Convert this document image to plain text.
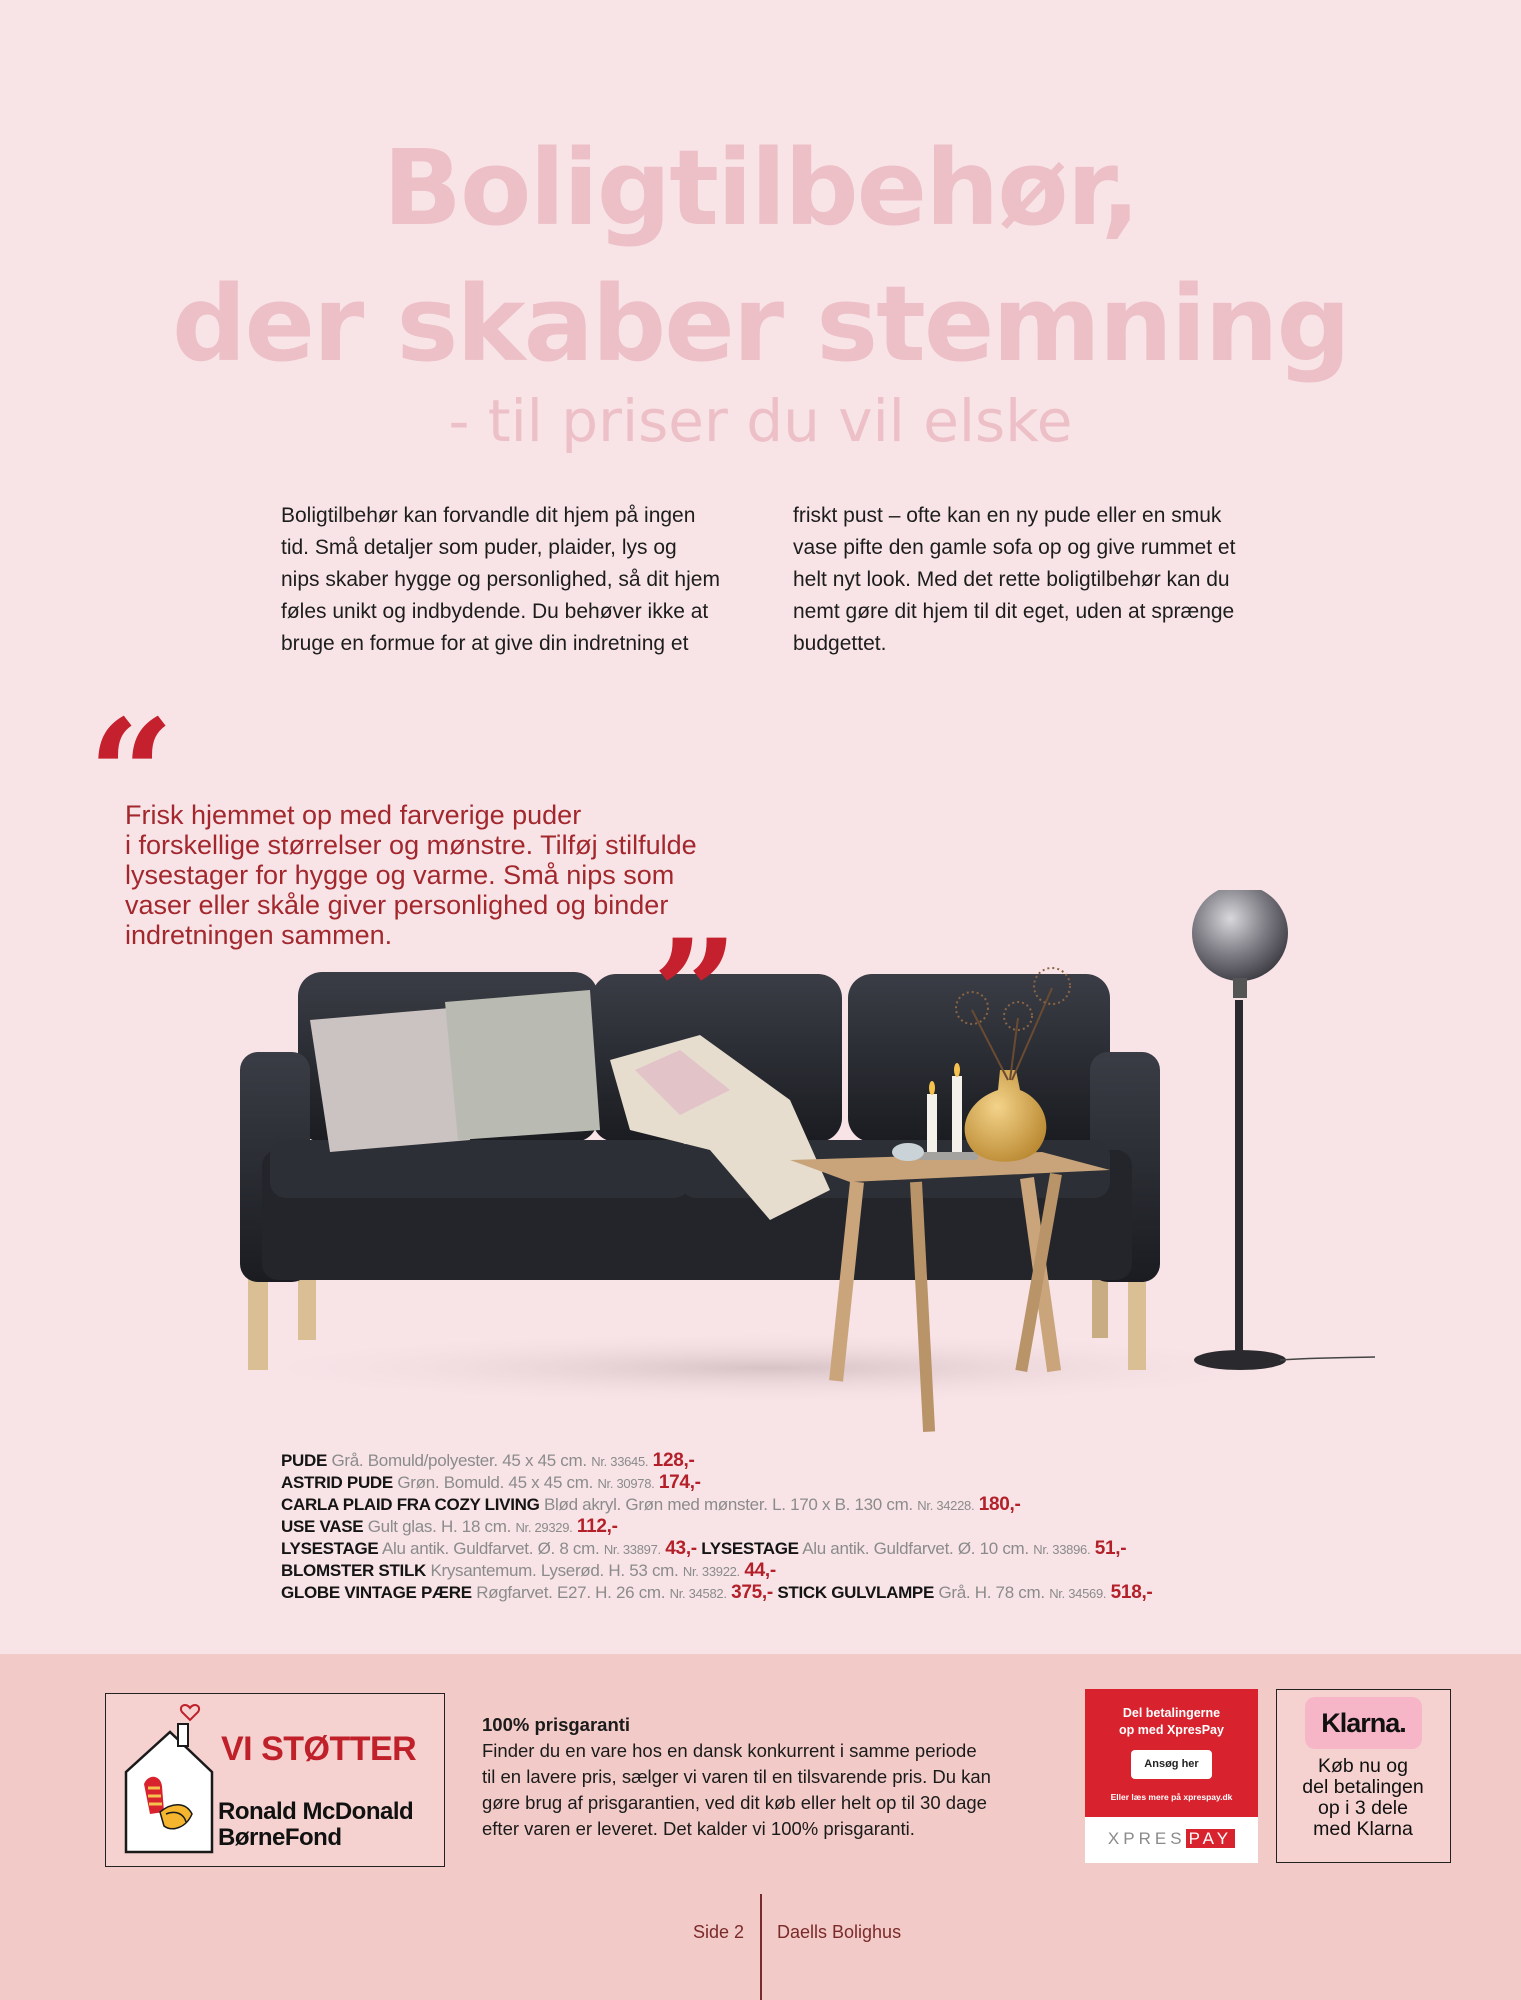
Boligtilbehør,
der skaber stemning
- til priser du vil elske
Boligtilbehør kan forvandle dit hjem på ingen
tid. Små detaljer som puder, plaider, lys og
nips skaber hygge og personlighed, så dit hjem
føles unikt og indbydende. Du behøver ikke at
bruge en formue for at give din indretning et
friskt pust – ofte kan en ny pude eller en smuk
vase pifte den gamle sofa op og give rummet et
helt nyt look. Med det rette boligtilbehør kan du
nemt gøre dit hjem til dit eget, uden at sprænge
budgettet.
“
Frisk hjemmet op med farverige puder
i forskellige størrelser og mønstre. Tilføj stilfulde
lysestager for hygge og varme. Små nips som
vaser eller skåle giver personlighed og binder
indretningen sammen.	”
PUDE Grå. Bomuld/polyester. 45 x 45 cm. Nr. 33645. 128,-
ASTRID PUDE Grøn. Bomuld. 45 x 45 cm. Nr. 30978. 174,-
CARLA PLAID FRA COZY LIVING Blød akryl. Grøn med mønster. L. 170 x B. 130 cm. Nr. 34228. 180,-
USE VASE Gult glas. H. 18 cm. Nr. 29329. 112,-
LYSESTAGE Alu antik. Guldfarvet. Ø. 8 cm. Nr. 33897. 43,- LYSESTAGE Alu antik. Guldfarvet. Ø. 10 cm. Nr. 33896. 51,-
BLOMSTER STILK Krysantemum. Lyserød. H. 53 cm. Nr. 33922. 44,-
GLOBE VINTAGE PÆRE Røgfarvet. E27. H. 26 cm. Nr. 34582. 375,- STICK GULVLAMPE Grå. H. 78 cm. Nr. 34569. 518,-
VI STØTTER
Ronald McDonald
BørneFond
100% prisgaranti
Finder du en vare hos en dansk konkurrent i samme periode
til en lavere pris, sælger vi varen til en tilsvarende pris. Du kan
gøre brug af prisgarantien, ved dit køb eller helt op til 30 dage
efter varen er leveret. Det kalder vi 100% prisgaranti.
Del betalingerne
op med XpresPay
Ansøg her
Eller læs mere på xprespay.dk
XPRES PAY
Klarna.
Køb nu og
del betalingen
op i 3 dele
med Klarna
Side 2 Daells Bolighus
